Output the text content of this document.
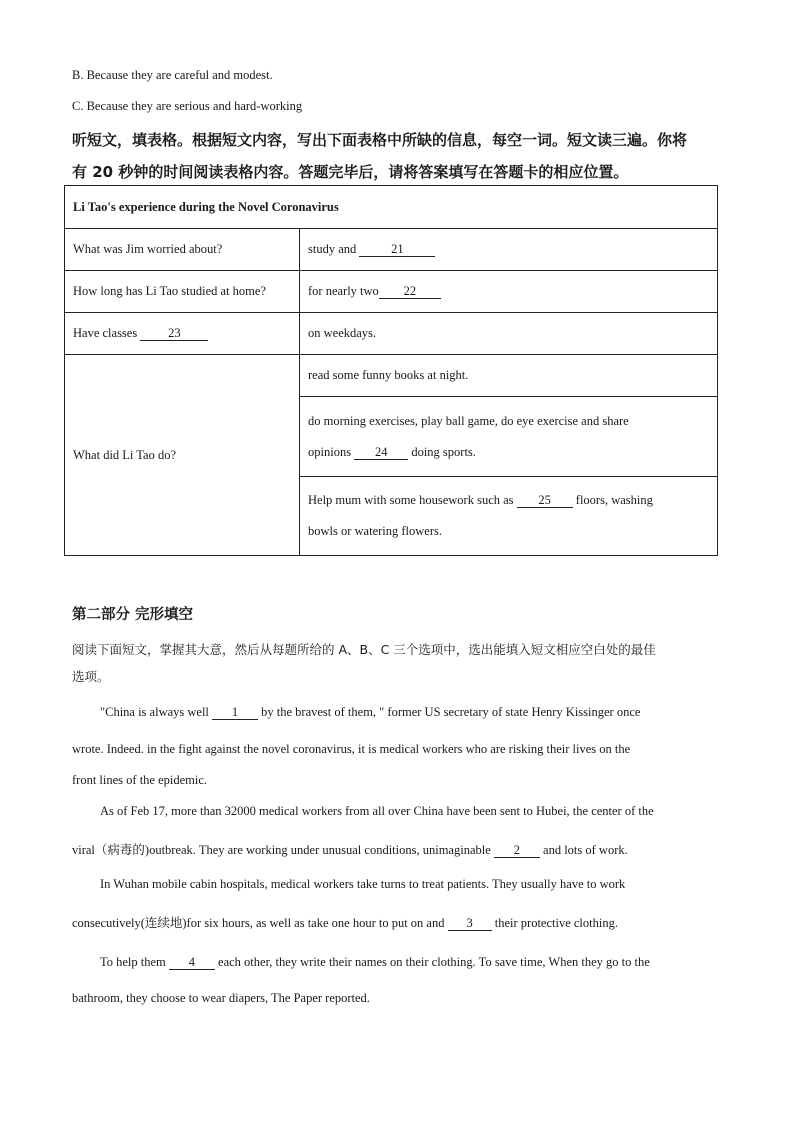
B. Because they are careful and modest.
C. Because they are serious and hard-working
听短文，填表格。根据短文内容，写出下面表格中所缺的信息，每空一词。短文读三遍。你将
有 20 秒钟的时间阅读表格内容。答题完毕后，请将答案填写在答题卡的相应位置。
Li Tao's experience during the Novel Coronavirus	
What was Jim worried about?	study and 21
How long has Li Tao studied at home?	for nearly two 22
Have classes 23	on weekdays.
What did Li Tao do?	read some funny books at night.

	do morning exercises, play ball game, do eye exercise and share
opinions 24 doing sports.

	Help mum with some housework such as 25 floors, washing
bowls or watering flowers.
第二部分 完形填空
阅读下面短文，掌握其大意，然后从每题所给的 A、B、C 三个选项中，选出能填入短文相应空白处的最佳
选项。
"China is always well 1 by the bravest of them, " former US secretary of state Henry Kissinger once
wrote. Indeed. in the fight against the novel coronavirus, it is medical workers who are risking their lives on the
front lines of the epidemic.
As of Feb 17, more than 32000 medical workers from all over China have been sent to Hubei, the center of the
viral（病毒的)outbreak. They are working under unusual conditions, unimaginable 2 and lots of work.
In Wuhan mobile cabin hospitals, medical workers take turns to treat patients. They usually have to work
consecutively(连续地)for six hours, as well as take one hour to put on and 3 their protective clothing.
To help them 4 each other, they write their names on their clothing. To save time, When they go to the
bathroom, they choose to wear diapers, The Paper reported.
